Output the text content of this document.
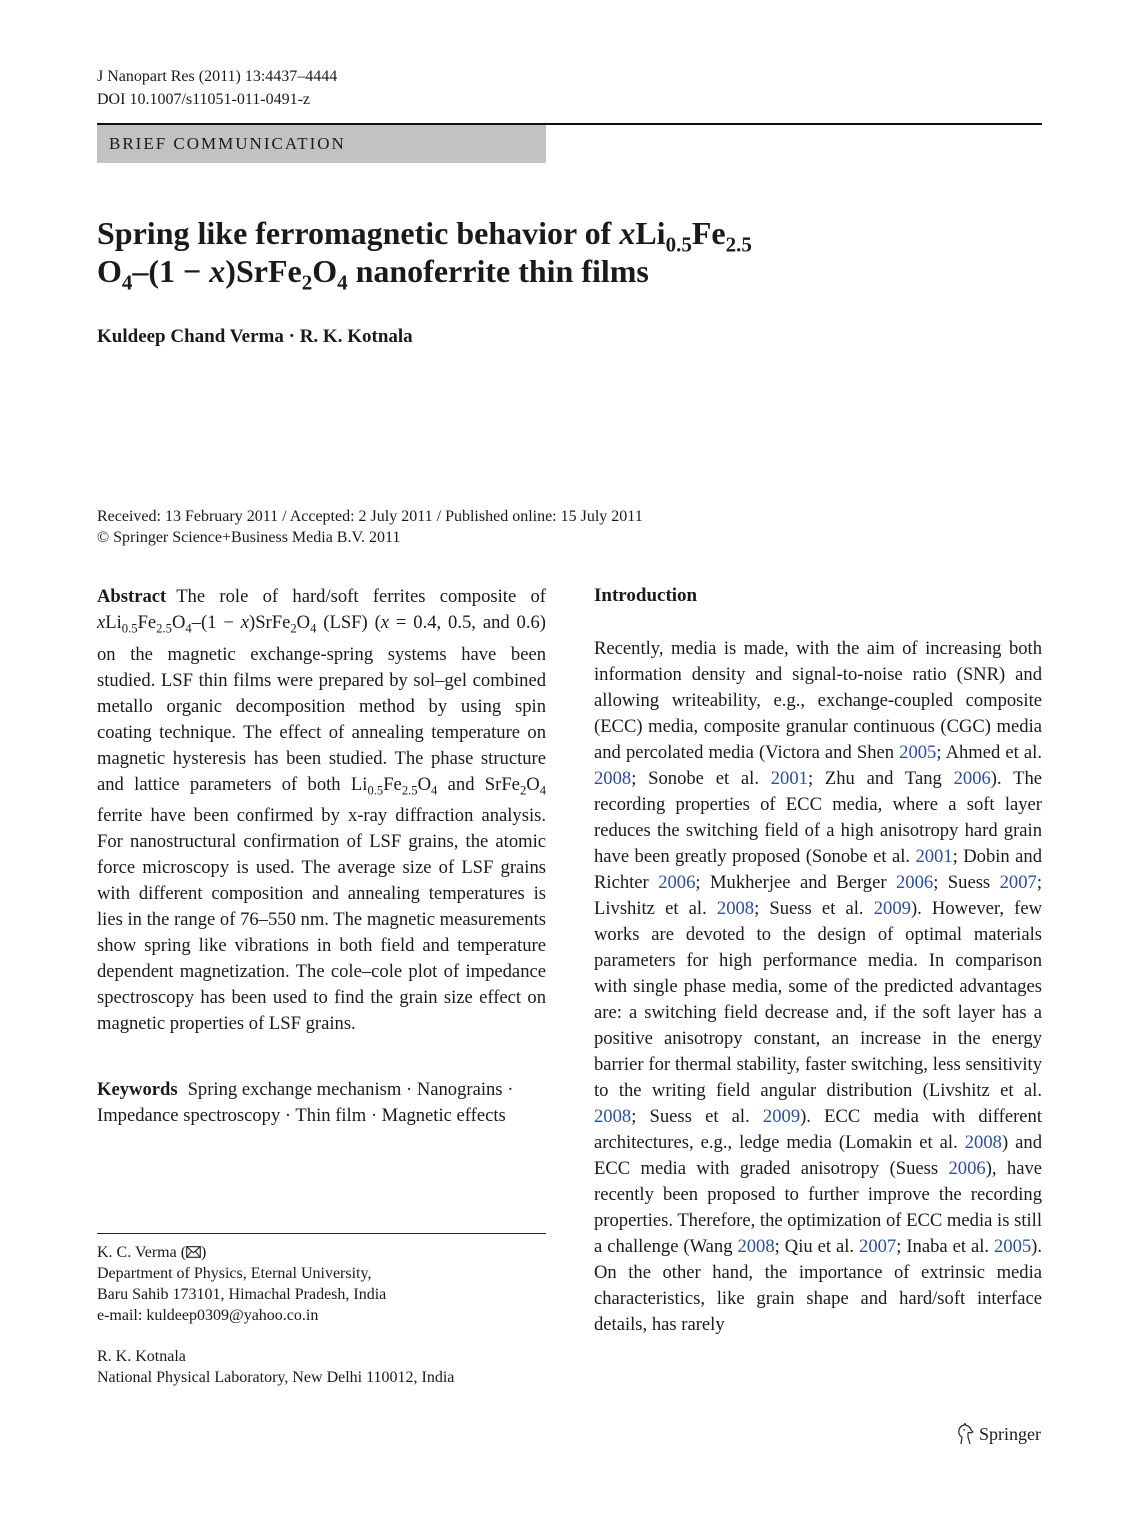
J Nanopart Res (2011) 13:4437–4444
DOI 10.1007/s11051-011-0491-z
BRIEF COMMUNICATION
Spring like ferromagnetic behavior of $xLi_{0.5}Fe_{2.5}$
$O_4-(1$ − $x)SrFe_2O_4$ nanoferrite thin films
Kuldeep Chand Verma · R. K. Kotnala
Received: 13 February 2011 / Accepted: 2 July 2011 / Published online: 15 July 2011
© Springer Science+Business Media B.V. 2011

Abstract The role of hard/soft ferrites composite of $xLi_{0.5}Fe_{2.5}O_4-(1$ − $x)SrFe_2O_4$ (LSF) (x = 0.4, 0.5, and 0.6) on the magnetic exchange-spring systems have been studied. LSF thin films were prepared by sol–gel combined metallo organic decomposition method by using spin coating technique. The effect of annealing temperature on magnetic hysteresis has been studied. The phase structure and lattice parameters of both $Li_{0.5}Fe_{2.5}O_4$ and $SrFe_2O_4$ ferrite have been confirmed by x-ray diffraction analysis. For nanostructural confirmation of LSF grains, the atomic force microscopy is used. The average size of LSF grains with different composition and annealing temperatures is lies in the range of 76–550 nm. The magnetic measurements show spring like vibrations in both field and temperature dependent magnetization. The cole–cole plot of impedance spectroscopy has been used to find the grain size effect on magnetic properties of LSF grains.

Keywords Spring exchange mechanism · Nanograins · Impedance spectroscopy · Thin film · Magnetic effects

K. C. Verma ( )
Department of Physics, Eternal University,
Baru Sahib 173101, Himachal Pradesh, India
e-mail: kuldeep0309@yahoo.co.in
R. K. Kotnala
National Physical Laboratory, New Delhi 110012, India
Introduction

Recently, media is made, with the aim of increasing both information density and signal-to-noise ratio (SNR) and allowing writeability, e.g., exchange-coupled composite (ECC) media, composite granular continuous (CGC) media and percolated media (Victora and Shen 2005; Ahmed et al. 2008; Sonobe et al. 2001; Zhu and Tang 2006). The recording properties of ECC media, where a soft layer reduces the switching field of a high anisotropy hard grain have been greatly proposed (Sonobe et al. 2001; Dobin and Richter 2006; Mukherjee and Berger 2006; Suess 2007; Livshitz et al. 2008; Suess et al. 2009). However, few works are devoted to the design of optimal materials parameters for high performance media. In comparison with single phase media, some of the predicted advantages are: a switching field decrease and, if the soft layer has a positive anisotropy constant, an increase in the energy barrier for thermal stability, faster switching, less sensitivity to the writing field angular distribution (Livshitz et al. 2008; Suess et al. 2009). ECC media with different architectures, e.g., ledge media (Lomakin et al. 2008) and ECC media with graded anisotropy (Suess 2006), have recently been proposed to further improve the recording properties. Therefore, the optimization of ECC media is still a challenge (Wang 2008; Qiu et al. 2007; Inaba et al. 2005). On the other hand, the importance of extrinsic media characteristics, like grain shape and hard/soft interface details, has rarely

Springer
